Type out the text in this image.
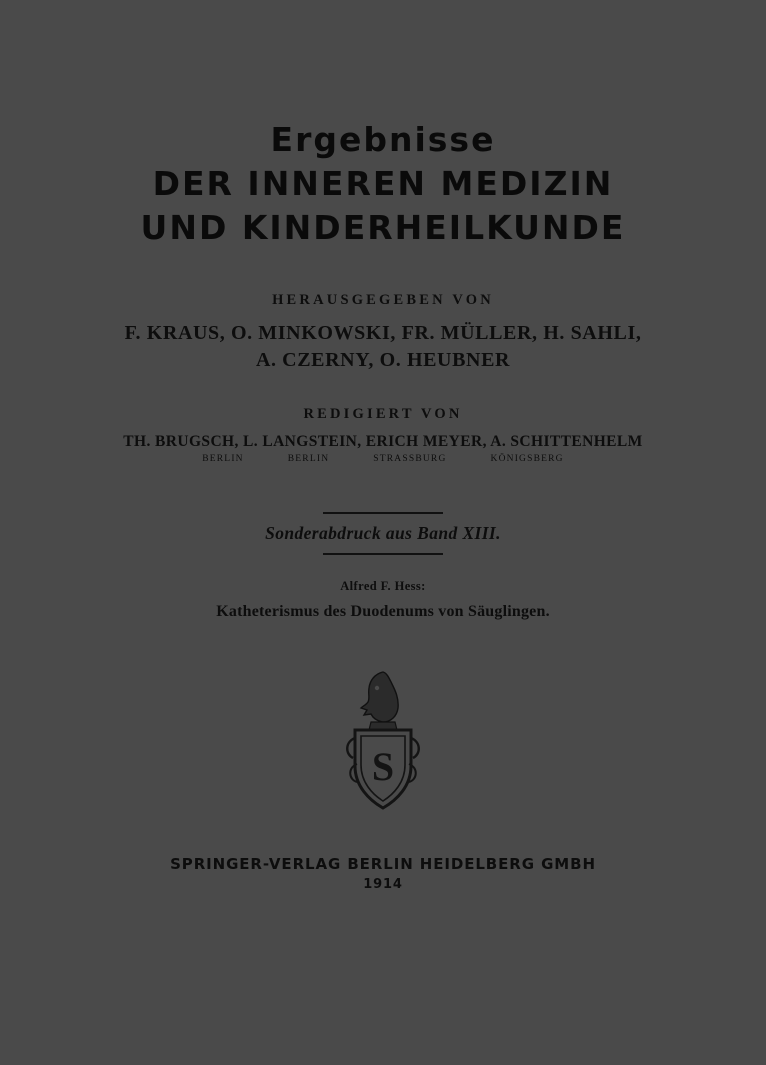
Ergebnisse
DER INNEREN MEDIZIN
UND KINDERHEILKUNDE
HERAUSGEGEBEN VON
F. KRAUS, O. MINKOWSKI, FR. MÜLLER, H. SAHLI,
A. CZERNY, O. HEUBNER
REDIGIERT VON
TH. BRUGSCH, L. LANGSTEIN, ERICH MEYER, A. SCHITTENHELM
BERLIN	BERLIN	STRASSBURG	KÖNIGSBERG
Sonderabdruck aus Band XIII.
Alfred F. Hess:
Katheterismus des Duodenums von Säuglingen.
S
SPRINGER-VERLAG BERLIN HEIDELBERG GMBH
1914
